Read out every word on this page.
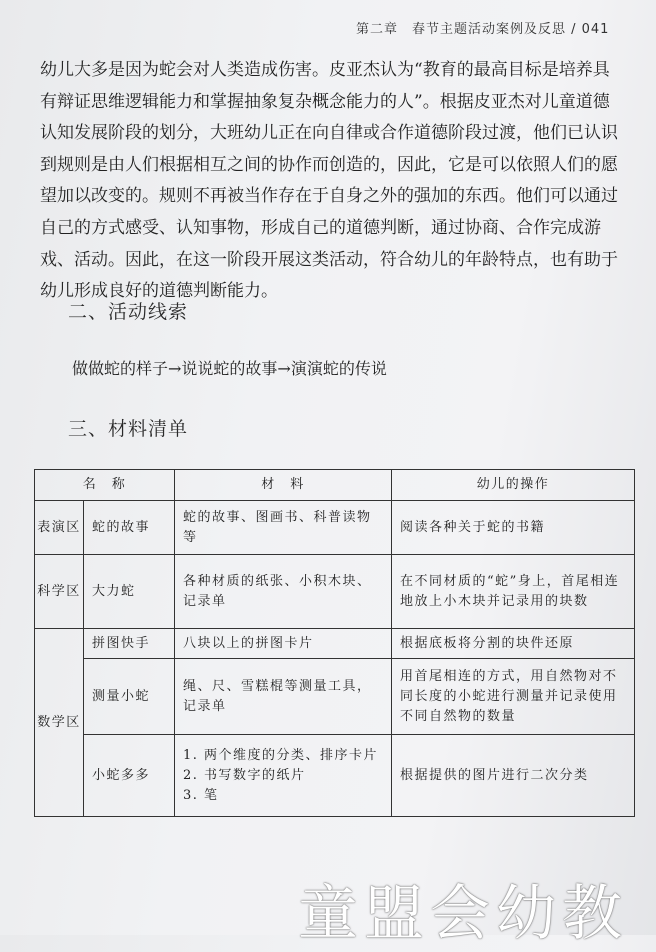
第二章　春节主题活动案例及反思 / 041

幼儿大多是因为蛇会对人类造成伤害。皮亚杰认为“教育的最高目标是培养具

有辩证思维逻辑能力和掌握抽象复杂概念能力的人”。根据皮亚杰对儿童道德

认知发展阶段的划分，大班幼儿正在向自律或合作道德阶段过渡，他们已认识

到规则是由人们根据相互之间的协作而创造的，因此，它是可以依照人们的愿

望加以改变的。规则不再被当作存在于自身之外的强加的东西。他们可以通过

自己的方式感受、认知事物，形成自己的道德判断，通过协商、合作完成游

戏、活动。因此，在这一阶段开展这类活动，符合幼儿的年龄特点，也有助于

幼儿形成良好的道德判断能力。

二、活动线索
做做蛇的样子→说说蛇的故事→演演蛇的传说
三、材料清单
名　称		材　料	幼儿的操作
表演区	蛇的故事	蛇的故事、图画书、科普读物等	阅读各种关于蛇的书籍
科学区	大力蛇	各种材质的纸张、小积木块、记录单	在不同材质的“蛇”身上，首尾相连地放上小木块并记录用的块数
数学区	拼图快手	八块以上的拼图卡片	根据底板将分割的块件还原
	测量小蛇	绳、尺、雪糕棍等测量工具，记录单	用首尾相连的方式，用自然物对不同长度的小蛇进行测量并记录使用不同自然物的数量
	小蛇多多	1. 两个维度的分类、排序卡片
2. 书写数字的纸片
3. 笔	根据提供的图片进行二次分类
童盟会幼教
